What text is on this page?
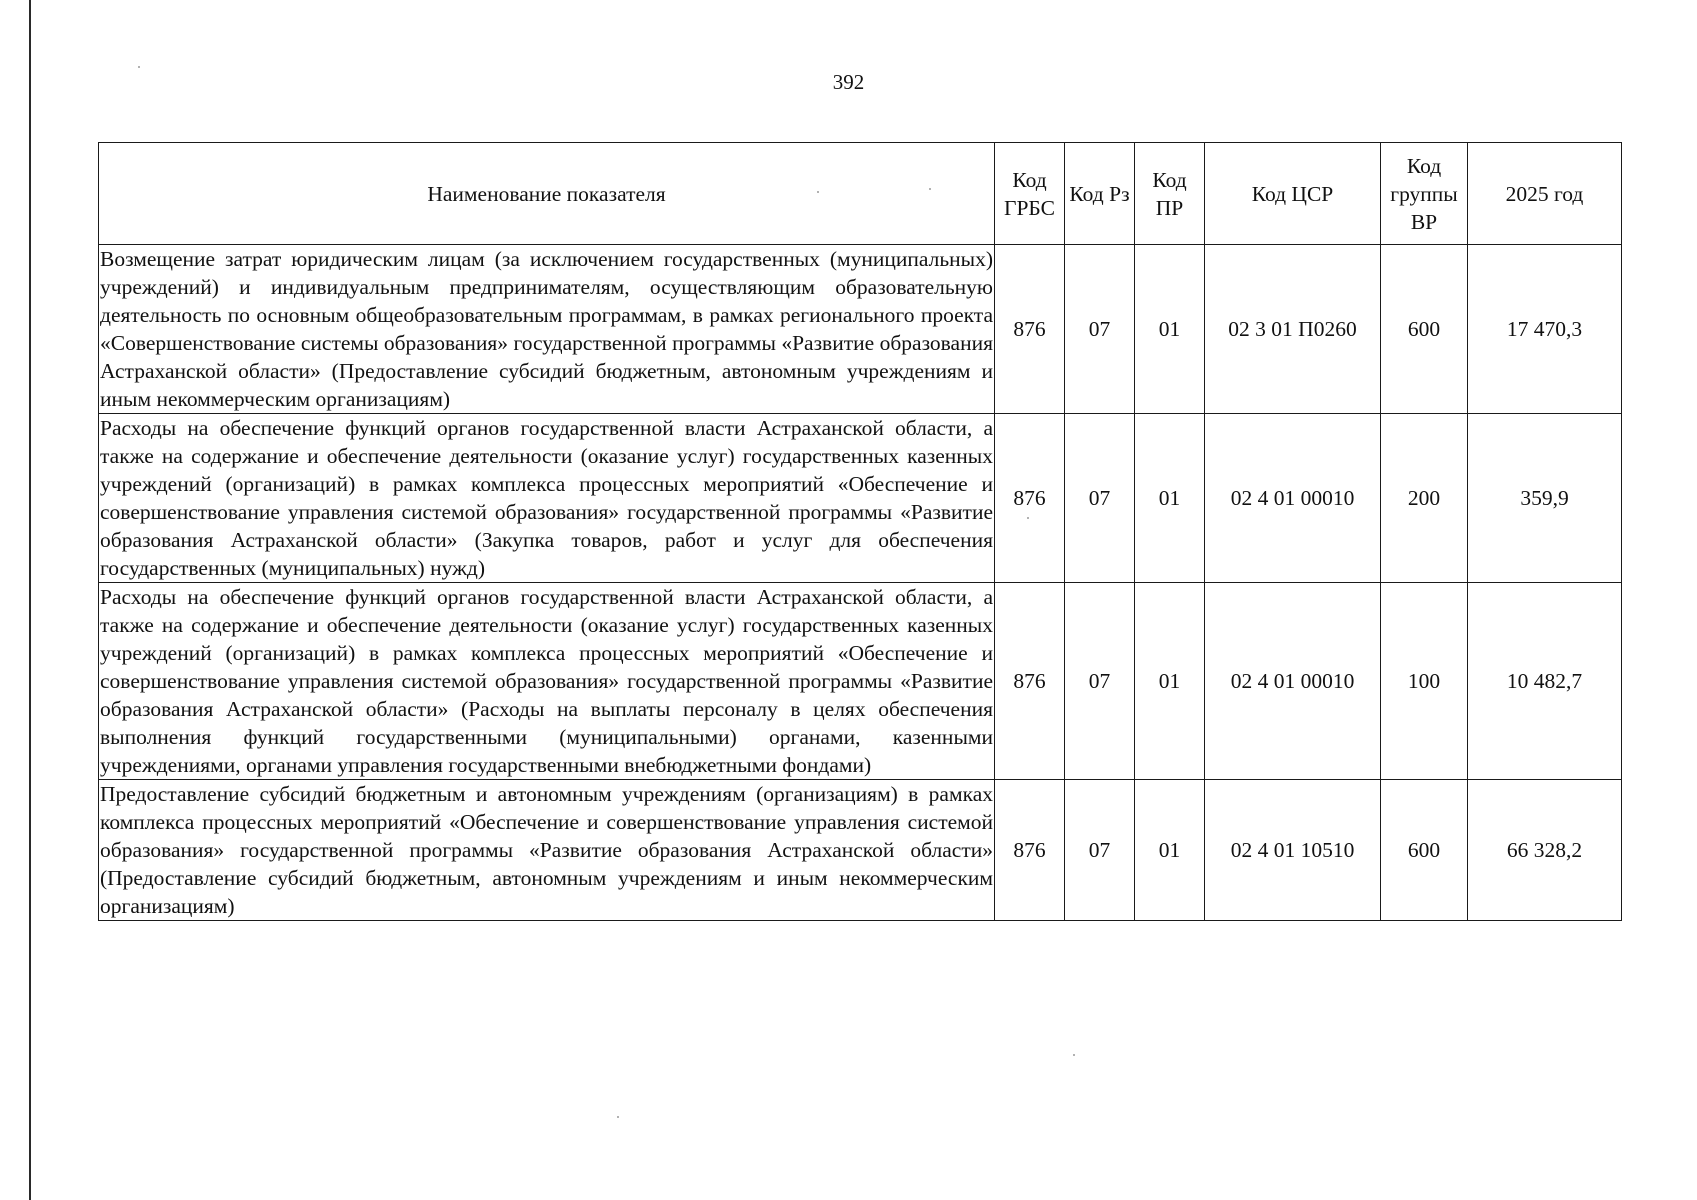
392
Наименование показателя	Код ГРБС	Код Рз	Код ПР	Код ЦСР	Код группы ВР	2025 год
Возмещение затрат юридическим лицам (за исключением государственных (муниципальных) учреждений) и индивидуальным предпринимателям, осуществляющим образовательную деятельность по основным общеобразовательным программам, в рамках регионального проекта «Совершенствование системы образования» государственной программы «Развитие образования Астраханской области» (Предоставление субсидий бюджетным, автономным учреждениям и иным некоммерческим организациям)	876	07	01	02 3 01 П0260	600	17 470,3
Расходы на обеспечение функций органов государственной власти Астраханской области, а также на содержание и обеспечение деятельности (оказание услуг) государственных казенных учреждений (организаций) в рамках комплекса процессных мероприятий «Обеспечение и совершенствование управления системой образования» государственной программы «Развитие образования Астраханской области» (Закупка товаров, работ и услуг для обеспечения государственных (муниципальных) нужд)	876	07	01	02 4 01 00010	200	359,9
Расходы на обеспечение функций органов государственной власти Астраханской области, а также на содержание и обеспечение деятельности (оказание услуг) государственных казенных учреждений (организаций) в рамках комплекса процессных мероприятий «Обеспечение и совершенствование управления системой образования» государственной программы «Развитие образования Астраханской области» (Расходы на выплаты персоналу в целях обеспечения выполнения функций государственными (муниципальными) органами, казенными учреждениями, органами управления государственными внебюджетными фондами)	876	07	01	02 4 01 00010	100	10 482,7
Предоставление субсидий бюджетным и автономным учреждениям (организациям) в рамках комплекса процессных мероприятий «Обеспечение и совершенствование управления системой образования» государственной программы «Развитие образования Астраханской области» (Предоставление субсидий бюджетным, автономным учреждениям и иным некоммерческим организациям)	876	07	01	02 4 01 10510	600	66 328,2
